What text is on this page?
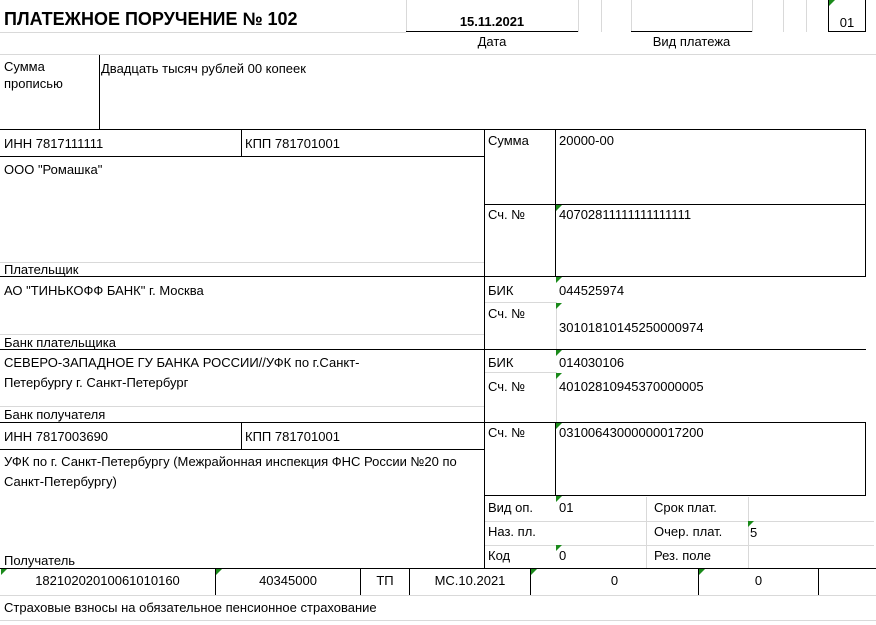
ПЛАТЕЖНОЕ ПОРУЧЕНИЕ № 102	15.11.2021
Дата	Вид платежа
01
Сумма
прописью
Двадцать тысяч рублей 00 копеек
ИНН 7817111111	КПП 781701001
ООО "Ромашка"
Плательщик
Сумма 20000-00
Сч. №	40702811111111111111
АО "ТИНЬКОФФ БАНК" г. Москва
Банк плательщика
БИК	044525974
Сч. №
30101810145250000974
СЕВЕРО-ЗАПАДНОЕ ГУ БАНКА РОССИИ//УФК по г.Санкт-Петербургу г. Санкт-Петербург
Банк получателя
БИК	014030106
Сч. №	40102810945370000005
ИНН 7817003690	КПП 781701001	Сч. №	03100643000000017200
УФК по г. Санкт-Петербургу (Межрайонная инспекция ФНС России №20 по Санкт-Петербургу)
Получатель
Вид оп. 01	Срок плат.
Наз. пл.	Очер. плат. 5
Код	0	Рез. поле
18210202010061010160	40345000	ТП	МС.10.2021	0	0
Страховые взносы на обязательное пенсионное страхование
